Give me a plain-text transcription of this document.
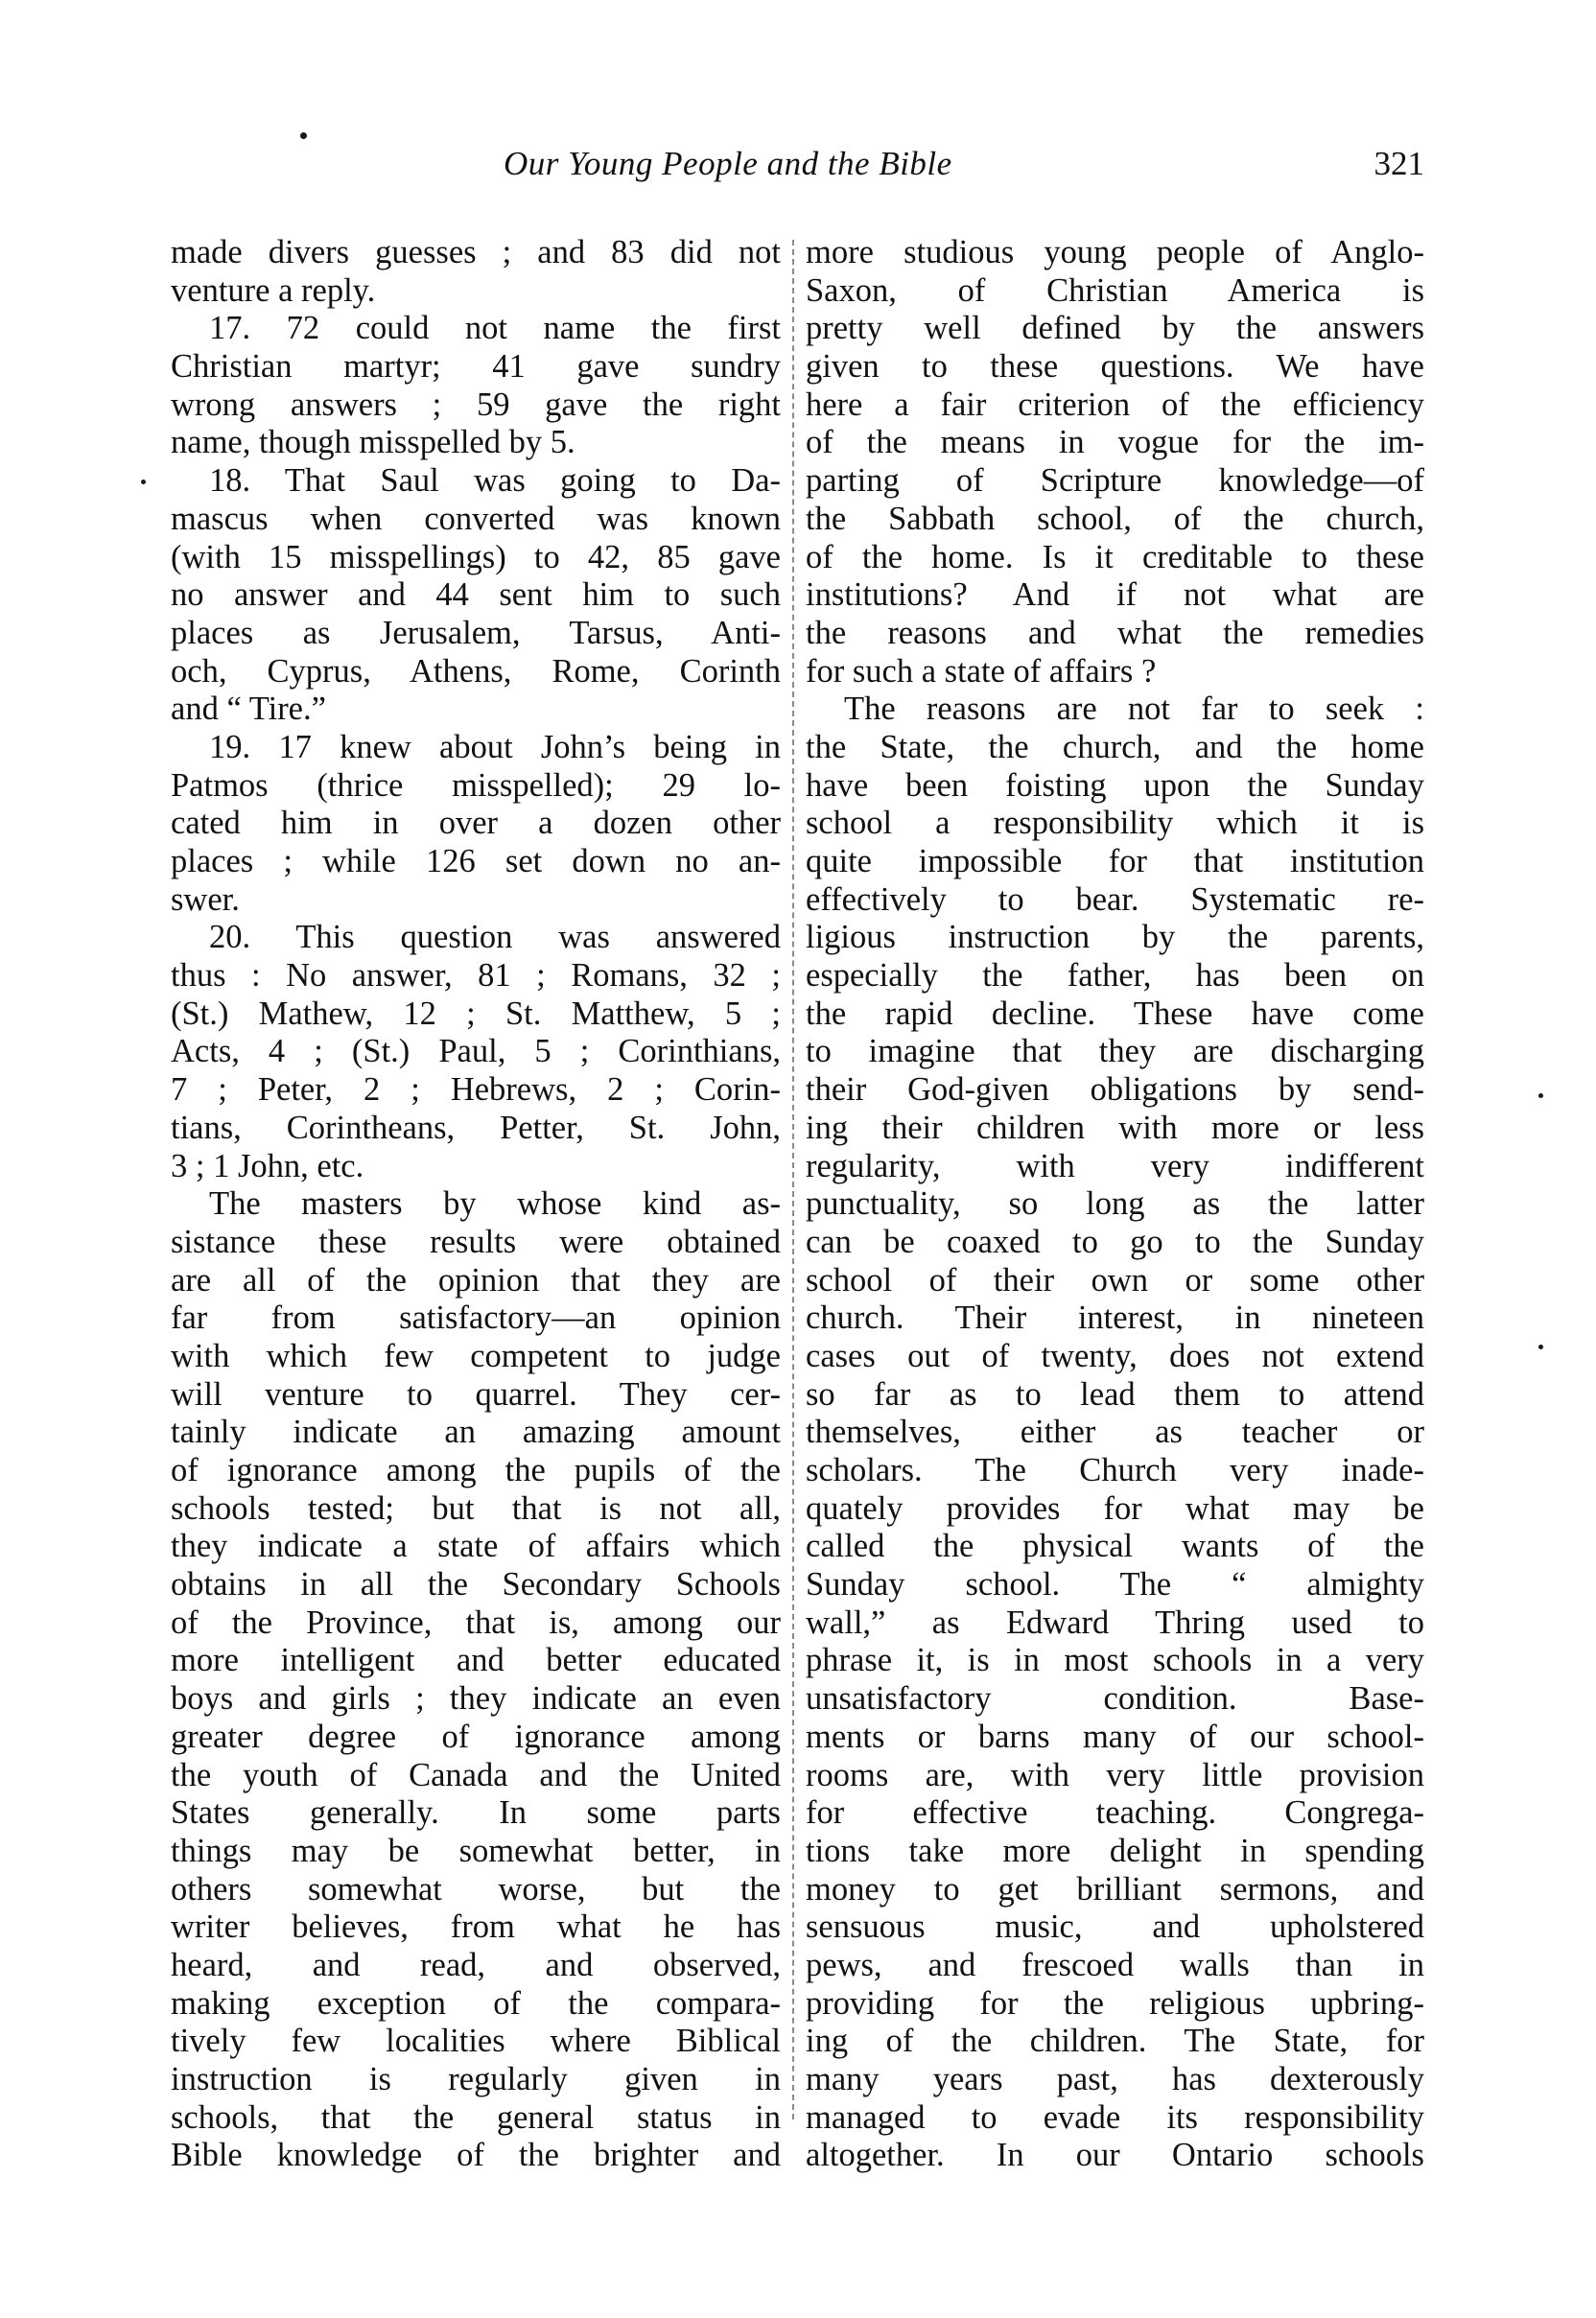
Our Young People and the Bible	321
made divers guesses ; and 83 did not
venture a reply.
17. 72 could not name the first
Christian martyr; 41 gave sundry
wrong answers ; 59 gave the right
name, though misspelled by 5.
18. That Saul was going to Da-
mascus when converted was known
(with 15 misspellings) to 42, 85 gave
no answer and 44 sent him to such
places as Jerusalem, Tarsus, Anti-
och, Cyprus, Athens, Rome, Corinth
and “ Tire.”
19. 17 knew about John’s being in
Patmos (thrice misspelled); 29 lo-
cated him in over a dozen other
places ; while 126 set down no an-
swer.
20. This question was answered
thus : No answer, 81 ; Romans, 32 ;
(St.) Mathew, 12 ; St. Matthew, 5 ;
Acts, 4 ; (St.) Paul, 5 ; Corinthians,
7 ; Peter, 2 ; Hebrews, 2 ; Corin-
tians, Corintheans, Petter, St. John,
3 ; 1 John, etc.
The masters by whose kind as-
sistance these results were obtained
are all of the opinion that they are
far from satisfactory—an opinion
with which few competent to judge
will venture to quarrel. They cer-
tainly indicate an amazing amount
of ignorance among the pupils of the
schools tested; but that is not all,
they indicate a state of affairs which
obtains in all the Secondary Schools
of the Province, that is, among our
more intelligent and better educated
boys and girls ; they indicate an even
greater degree of ignorance among
the youth of Canada and the United
States generally. In some parts
things may be somewhat better, in
others somewhat worse, but the
writer believes, from what he has
heard, and read, and observed,
making exception of the compara-
tively few localities where Biblical
instruction is regularly given in
schools, that the general status in
Bible knowledge of the brighter and
more studious young people of Anglo-
Saxon, of Christian America is
pretty well defined by the answers
given to these questions. We have
here a fair criterion of the efficiency
of the means in vogue for the im-
parting of Scripture knowledge—of
the Sabbath school, of the church,
of the home. Is it creditable to these
institutions? And if not what are
the reasons and what the remedies
for such a state of affairs ?
The reasons are not far to seek :
the State, the church, and the home
have been foisting upon the Sunday
school a responsibility which it is
quite impossible for that institution
effectively to bear. Systematic re-
ligious instruction by the parents,
especially the father, has been on
the rapid decline. These have come
to imagine that they are discharging
their God-given obligations by send-
ing their children with more or less
regularity, with very indifferent
punctuality, so long as the latter
can be coaxed to go to the Sunday
school of their own or some other
church. Their interest, in nineteen
cases out of twenty, does not extend
so far as to lead them to attend
themselves, either as teacher or
scholars. The Church very inade-
quately provides for what may be
called the physical wants of the
Sunday school. The “ almighty
wall,” as Edward Thring used to
phrase it, is in most schools in a very
unsatisfactory condition. Base-
ments or barns many of our school-
rooms are, with very little provision
for effective teaching. Congrega-
tions take more delight in spending
money to get brilliant sermons, and
sensuous music, and upholstered
pews, and frescoed walls than in
providing for the religious upbring-
ing of the children. The State, for
many years past, has dexterously
managed to evade its responsibility
altogether. In our Ontario schools
